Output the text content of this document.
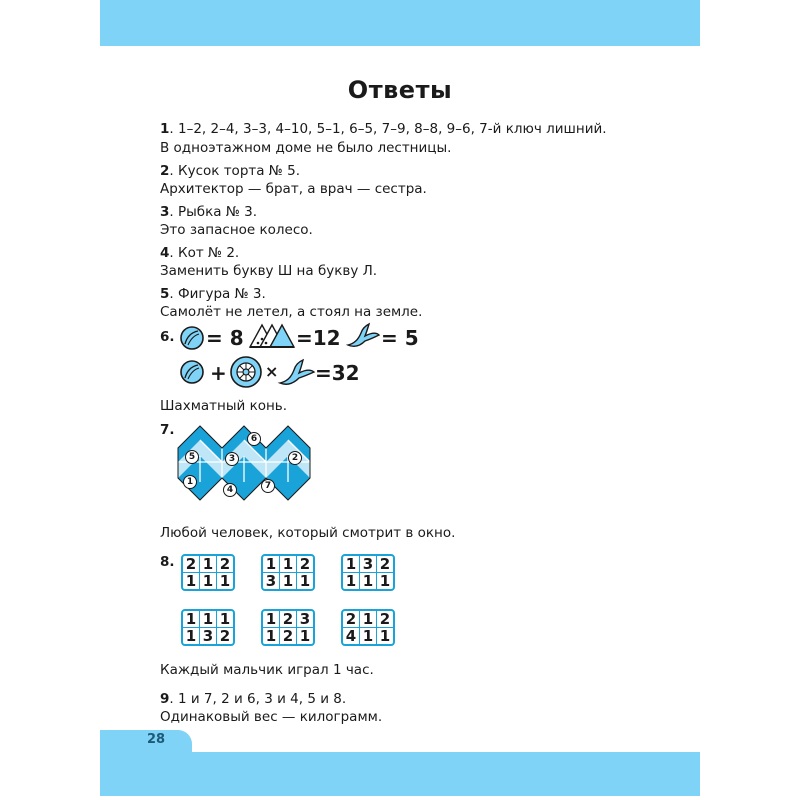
28
Ответы
1. 1–2, 2–4, 3–3, 4–10, 5–1, 6–5, 7–9, 8–8, 9–6, 7-й ключ лишний.
В одноэтажном доме не было лестницы.
2. Кусок торта № 5.
Архитектор — брат, а врач — сестра.
3. Рыбка № 3.
Это запасное колесо.
4. Кот № 2.
Заменить букву Ш на букву Л.
5. Фигура № 3.
Самолёт не летел, а стоял на земле.
6. = 8	=12 = 5
+ × =32
Шахматный конь.
7.
1
2
3
4
5
6
7
Любой человек, который смотрит в окно.
8. 2	1	2
1	1	1
1	1	2
3	1	1
1	3	2
1	1	1
1	1	1
1	3	2
1	2	3
1	2	1
2	1	2
4	1	1
Каждый мальчик играл 1 час.
9. 1 и 7, 2 и 6, 3 и 4, 5 и 8.
Одинаковый вес — килограмм.
